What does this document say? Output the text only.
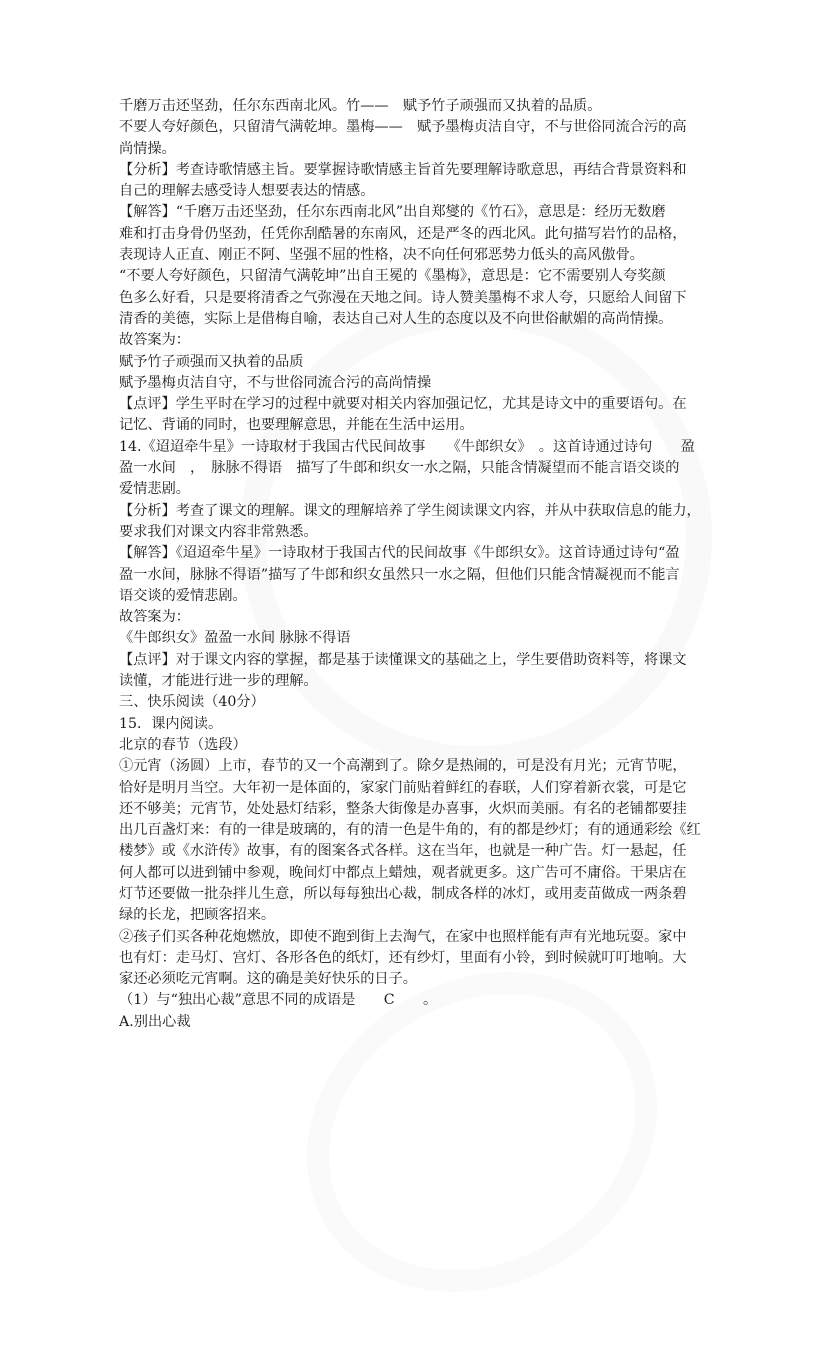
千磨万击还坚劲，任尔东西南北风。竹——　赋予竹子顽强而又执着的品质。
不要人夸好颜色，只留清气满乾坤。墨梅——　赋予墨梅贞洁自守，不与世俗同流合污的高
尚情操。
【分析】考查诗歌情感主旨。要掌握诗歌情感主旨首先要理解诗歌意思，再结合背景资料和
自己的理解去感受诗人想要表达的情感。
【解答】“千磨万击还坚劲，任尔东西南北风”出自郑燮的《竹石》，意思是：经历无数磨
难和打击身骨仍坚劲，任凭你刮酷暑的东南风，还是严冬的西北风。此句描写岩竹的品格，
表现诗人正直、刚正不阿、坚强不屈的性格，决不向任何邪恶势力低头的高风傲骨。
“不要人夸好颜色，只留清气满乾坤”出自王冕的《墨梅》，意思是：它不需要别人夸奖颜
色多么好看，只是要将清香之气弥漫在天地之间。诗人赞美墨梅不求人夸，只愿给人间留下
清香的美德，实际上是借梅自喻，表达自己对人生的态度以及不向世俗献媚的高尚情操。
故答案为：
赋予竹子顽强而又执着的品质
赋予墨梅贞洁自守，不与世俗同流合污的高尚情操
【点评】学生平时在学习的过程中就要对相关内容加强记忆，尤其是诗文中的重要语句。在
记忆、背诵的同时，也要理解意思，并能在生活中运用。
14.《迢迢牵牛星》一诗取材于我国古代民间故事　　《牛郎织女》　。这首诗通过诗句　　盈
盈一水间　，　脉脉不得语　描写了牛郎和织女一水之隔，只能含情凝望而不能言语交谈的
爱情悲剧。
【分析】考查了课文的理解。课文的理解培养了学生阅读课文内容，并从中获取信息的能力，
要求我们对课文内容非常熟悉。
【解答】《迢迢牵牛星》一诗取材于我国古代的民间故事《牛郎织女》。这首诗通过诗句“盈
盈一水间，脉脉不得语”描写了牛郎和织女虽然只一水之隔，但他们只能含情凝视而不能言
语交谈的爱情悲剧。
故答案为：
《牛郎织女》盈盈一水间 脉脉不得语
【点评】对于课文内容的掌握，都是基于读懂课文的基础之上，学生要借助资料等，将课文
读懂，才能进行进一步的理解。
三、快乐阅读（40分）
15．课内阅读。
北京的春节（选段）
①元宵（汤圆）上市，春节的又一个高潮到了。除夕是热闹的，可是没有月光；元宵节呢，
恰好是明月当空。大年初一是体面的，家家门前贴着鲜红的春联，人们穿着新衣裳，可是它
还不够美；元宵节，处处悬灯结彩，整条大街像是办喜事，火炽而美丽。有名的老铺都要挂
出几百盏灯来：有的一律是玻璃的，有的清一色是牛角的，有的都是纱灯；有的通通彩绘《红
楼梦》或《水浒传》故事，有的图案各式各样。这在当年，也就是一种广告。灯一悬起，任
何人都可以进到铺中参观，晚间灯中都点上蜡烛，观者就更多。这广告可不庸俗。干果店在
灯节还要做一批杂拌儿生意，所以每每独出心裁，制成各样的冰灯，或用麦苗做成一两条碧
绿的长龙，把顾客招来。
②孩子们买各种花炮燃放，即使不跑到街上去淘气，在家中也照样能有声有光地玩耍。家中
也有灯：走马灯、宫灯、各形各色的纸灯，还有纱灯，里面有小铃，到时候就叮叮地响。大
家还必须吃元宵啊。这的确是美好快乐的日子。
（1）与“独出心裁”意思不同的成语是　　C　　。
A.别出心裁
